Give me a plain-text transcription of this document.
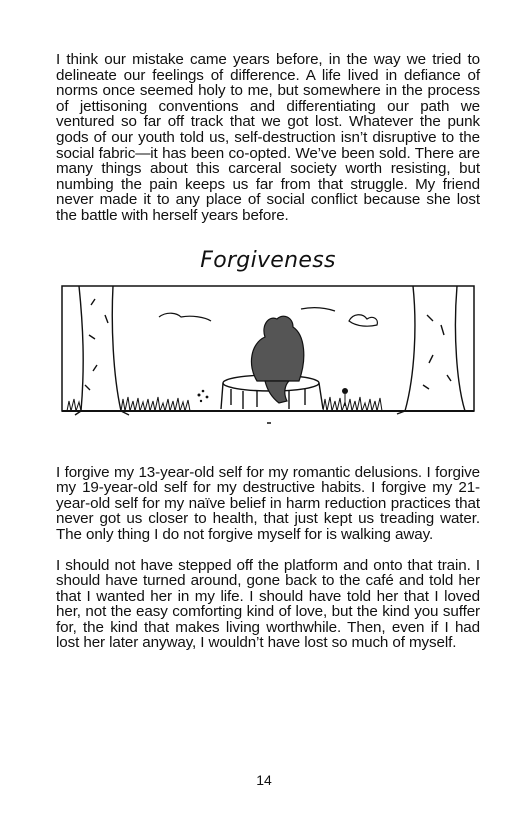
I think our mistake came years before, in the way we tried to delineate our feelings of difference. A life lived in defiance of norms once seemed holy to me, but somewhere in the process of jettisoning conventions and differentiating our path we ventured so far off track that we got lost. Whatever the punk gods of our youth told us, self-destruction isn’t disruptive to the social fabric—it has been co-opted. We’ve been sold. There are many things about this carceral society worth resisting, but numbing the pain keeps us far from that struggle. My friend never made it to any place of social conflict because she lost the battle with herself years before.

Forgiveness

I forgive my 13-year-old self for my romantic delusions. I forgive my 19-year-old self for my destructive habits. I forgive my 21-year-old self for my naïve belief in harm reduction practices that never got us closer to health, that just kept us treading water. The only thing I do not forgive myself for is walking away.

I should not have stepped off the platform and onto that train. I should have turned around, gone back to the café and told her that I wanted her in my life. I should have told her that I loved her, not the easy comforting kind of love, but the kind you suffer for, the kind that makes living worthwhile. Then, even if I had lost her later anyway, I wouldn’t have lost so much of myself.

14
